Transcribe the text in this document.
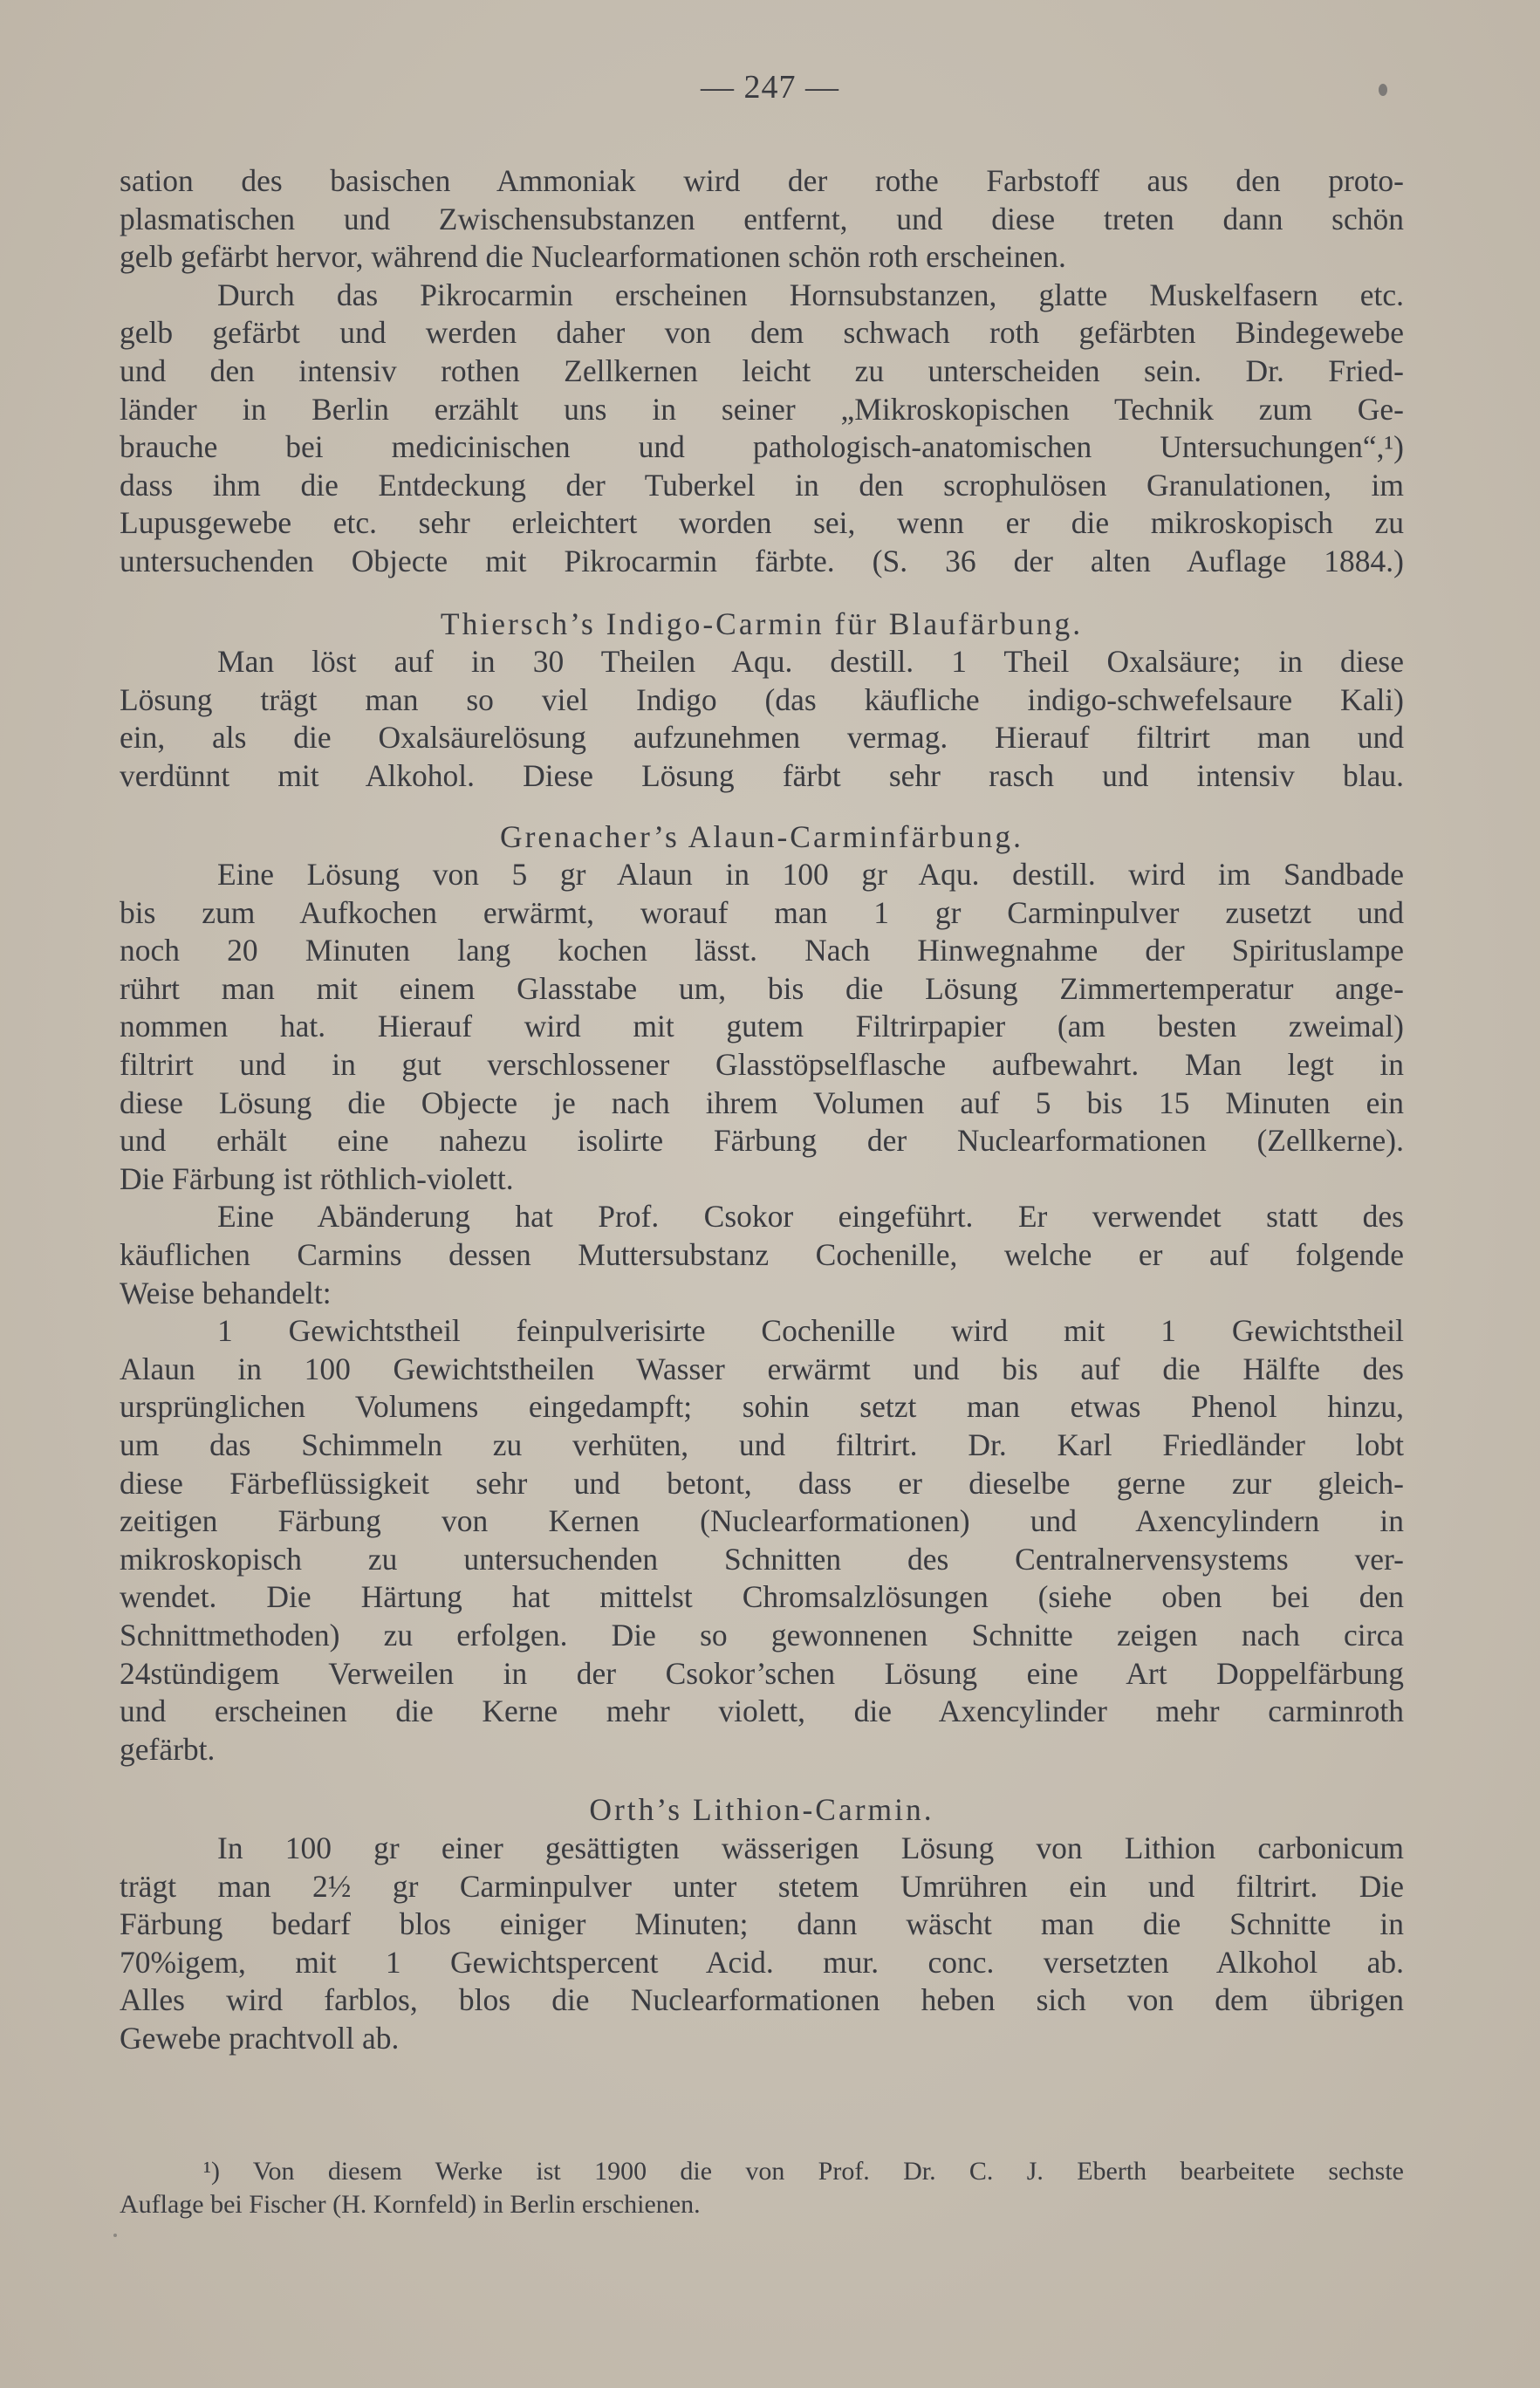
— 247 —

sation des basischen Ammoniak wird der rothe Farbstoff aus den proto-

plasmatischen und Zwischensubstanzen entfernt, und diese treten dann schön

gelb gefärbt hervor, während die Nuclearformationen schön roth erscheinen.

Durch das Pikrocarmin erscheinen Hornsubstanzen, glatte Muskelfasern etc.

gelb gefärbt und werden daher von dem schwach roth gefärbten Bindegewebe

und den intensiv rothen Zellkernen leicht zu unterscheiden sein. Dr. Fried-

länder in Berlin erzählt uns in seiner „Mikroskopischen Technik zum Ge-

brauche bei medicinischen und pathologisch-anatomischen Untersuchungen“,¹)

dass ihm die Entdeckung der Tuberkel in den scrophulösen Granulationen, im

Lupusgewebe etc. sehr erleichtert worden sei, wenn er die mikroskopisch zu

untersuchenden Objecte mit Pikrocarmin färbte. (S. 36 der alten Auflage 1884.)

Thiersch’s Indigo-Carmin für Blaufärbung.

Man löst auf in 30 Theilen Aqu. destill. 1 Theil Oxalsäure; in diese

Lösung trägt man so viel Indigo (das käufliche indigo-schwefelsaure Kali)

ein, als die Oxalsäurelösung aufzunehmen vermag. Hierauf filtrirt man und

verdünnt mit Alkohol. Diese Lösung färbt sehr rasch und intensiv blau.

Grenacher’s Alaun-Carminfärbung.

Eine Lösung von 5 gr Alaun in 100 gr Aqu. destill. wird im Sandbade

bis zum Aufkochen erwärmt, worauf man 1 gr Carminpulver zusetzt und

noch 20 Minuten lang kochen lässt. Nach Hinwegnahme der Spirituslampe

rührt man mit einem Glasstabe um, bis die Lösung Zimmertemperatur ange-

nommen hat. Hierauf wird mit gutem Filtrirpapier (am besten zweimal)

filtrirt und in gut verschlossener Glasstöpselflasche aufbewahrt. Man legt in

diese Lösung die Objecte je nach ihrem Volumen auf 5 bis 15 Minuten ein

und erhält eine nahezu isolirte Färbung der Nuclearformationen (Zellkerne).

Die Färbung ist röthlich-violett.

Eine Abänderung hat Prof. Csokor eingeführt. Er verwendet statt des

käuflichen Carmins dessen Muttersubstanz Cochenille, welche er auf folgende

Weise behandelt:

1 Gewichtstheil feinpulverisirte Cochenille wird mit 1 Gewichtstheil

Alaun in 100 Gewichtstheilen Wasser erwärmt und bis auf die Hälfte des

ursprünglichen Volumens eingedampft; sohin setzt man etwas Phenol hinzu,

um das Schimmeln zu verhüten, und filtrirt. Dr. Karl Friedländer lobt

diese Färbeflüssigkeit sehr und betont, dass er dieselbe gerne zur gleich-

zeitigen Färbung von Kernen (Nuclearformationen) und Axencylindern in

mikroskopisch zu untersuchenden Schnitten des Centralnervensystems ver-

wendet. Die Härtung hat mittelst Chromsalzlösungen (siehe oben bei den

Schnittmethoden) zu erfolgen. Die so gewonnenen Schnitte zeigen nach circa

24stündigem Verweilen in der Csokor’schen Lösung eine Art Doppelfärbung

und erscheinen die Kerne mehr violett, die Axencylinder mehr carminroth

gefärbt.

Orth’s Lithion-Carmin.

In 100 gr einer gesättigten wässerigen Lösung von Lithion carbonicum

trägt man 2½ gr Carminpulver unter stetem Umrühren ein und filtrirt. Die

Färbung bedarf blos einiger Minuten; dann wäscht man die Schnitte in

70%igem, mit 1 Gewichtspercent Acid. mur. conc. versetzten Alkohol ab.

Alles wird farblos, blos die Nuclearformationen heben sich von dem übrigen

Gewebe prachtvoll ab.

¹) Von diesem Werke ist 1900 die von Prof. Dr. C. J. Eberth bearbeitete sechste
Auflage bei Fischer (H. Kornfeld) in Berlin erschienen.
